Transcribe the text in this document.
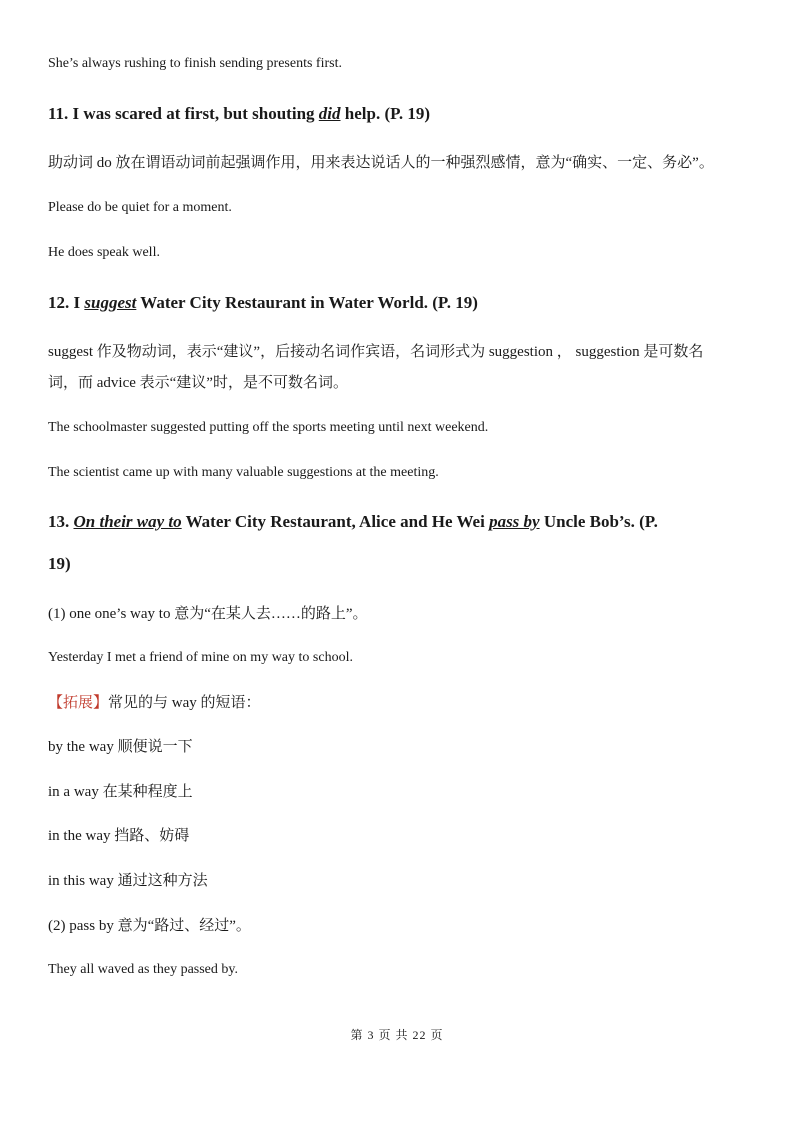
She’s always rushing to finish sending presents first.
11. I was scared at first, but shouting did help. (P. 19)
助动词 do 放在谓语动词前起强调作用，用来表达说话人的一种强烈感情，意为“确实、一定、务必”。
Please do be quiet for a moment.
He does speak well.
12. I suggest Water City Restaurant in Water World. (P. 19)
suggest 作及物动词，表示“建议”，后接动名词作宾语，名词形式为 suggestion ， suggestion 是可数名
词，而 advice 表示“建议”时，是不可数名词。
The schoolmaster suggested putting off the sports meeting until next weekend.
The scientist came up with many valuable suggestions at the meeting.
13. On their way to Water City Restaurant, Alice and He Wei pass by Uncle Bob’s. (P.
19)
(1) one one’s way to 意为“在某人去……的路上”。
Yesterday I met a friend of mine on my way to school.
【拓展】常见的与 way 的短语：
by the way 顺便说一下
in a way 在某种程度上
in the way 挡路、妨碍
in this way 通过这种方法
(2) pass by 意为“路过、经过”。
They all waved as they passed by.
第 3 页 共 22 页
